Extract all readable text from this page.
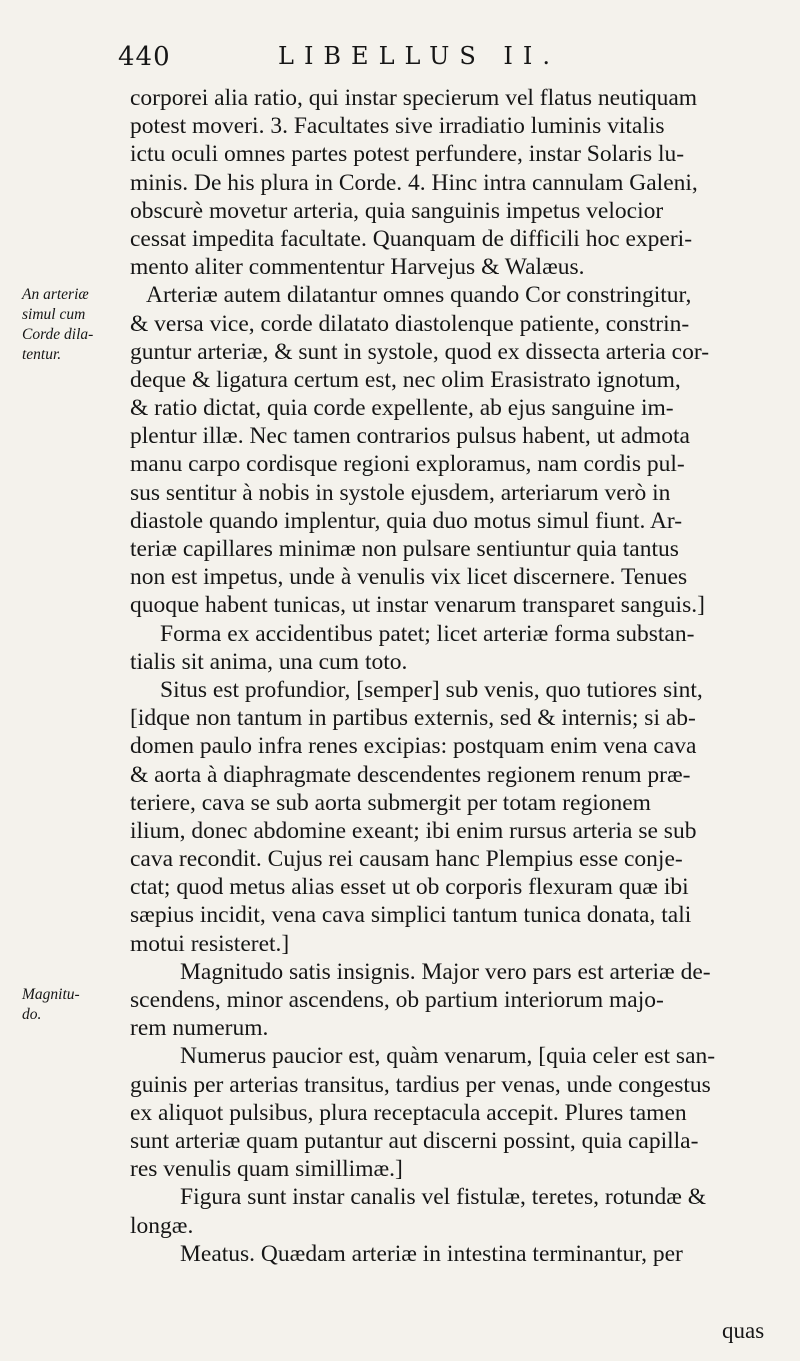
440	LIBELLUS II.
An arteriæ
simul cum
Corde dila-
tentur.
Magnitu-
do.
corporei alia ratio, qui instar specierum vel flatus neutiquam
potest moveri. 3. Facultates sive irradiatio luminis vitalis
ictu oculi omnes partes potest perfundere, instar Solaris lu-
minis. De his plura in Corde. 4. Hinc intra cannulam Galeni,
obscurè movetur arteria, quia sanguinis impetus velocior
cessat impedita facultate. Quanquam de difficili hoc experi-
mento aliter commententur Harvejus & Walæus.
Arteriæ autem dilatantur omnes quando Cor constringitur,
& versa vice, corde dilatato diastolenque patiente, constrin-
guntur arteriæ, & sunt in systole, quod ex dissecta arteria cor-
deque & ligatura certum est, nec olim Erasistrato ignotum,
& ratio dictat, quia corde expellente, ab ejus sanguine im-
plentur illæ. Nec tamen contrarios pulsus habent, ut admota
manu carpo cordisque regioni exploramus, nam cordis pul-
sus sentitur à nobis in systole ejusdem, arteriarum verò in
diastole quando implentur, quia duo motus simul fiunt. Ar-
teriæ capillares minimæ non pulsare sentiuntur quia tantus
non est impetus, unde à venulis vix licet discernere. Tenues
quoque habent tunicas, ut instar venarum transparet sanguis.]
Forma ex accidentibus patet; licet arteriæ forma substan-
tialis sit anima, una cum toto.
Situs est profundior, [semper] sub venis, quo tutiores sint,
[idque non tantum in partibus externis, sed & internis; si ab-
domen paulo infra renes excipias: postquam enim vena cava
& aorta à diaphragmate descendentes regionem renum præ-
teriere, cava se sub aorta submergit per totam regionem
ilium, donec abdomine exeant; ibi enim rursus arteria se sub
cava recondit. Cujus rei causam hanc Plempius esse conje-
ctat; quod metus alias esset ut ob corporis flexuram quæ ibi
sæpius incidit, vena cava simplici tantum tunica donata, tali
motui resisteret.]
Magnitudo satis insignis. Major vero pars est arteriæ de-
scendens, minor ascendens, ob partium interiorum majo-
rem numerum.
Numerus paucior est, quàm venarum, [quia celer est san-
guinis per arterias transitus, tardius per venas, unde congestus
ex aliquot pulsibus, plura receptacula accepit. Plures tamen
sunt arteriæ quam putantur aut discerni possint, quia capilla-
res venulis quam simillimæ.]
Figura sunt instar canalis vel fistulæ, teretes, rotundæ &
longæ.
Meatus. Quædam arteriæ in intestina terminantur, per
quas
